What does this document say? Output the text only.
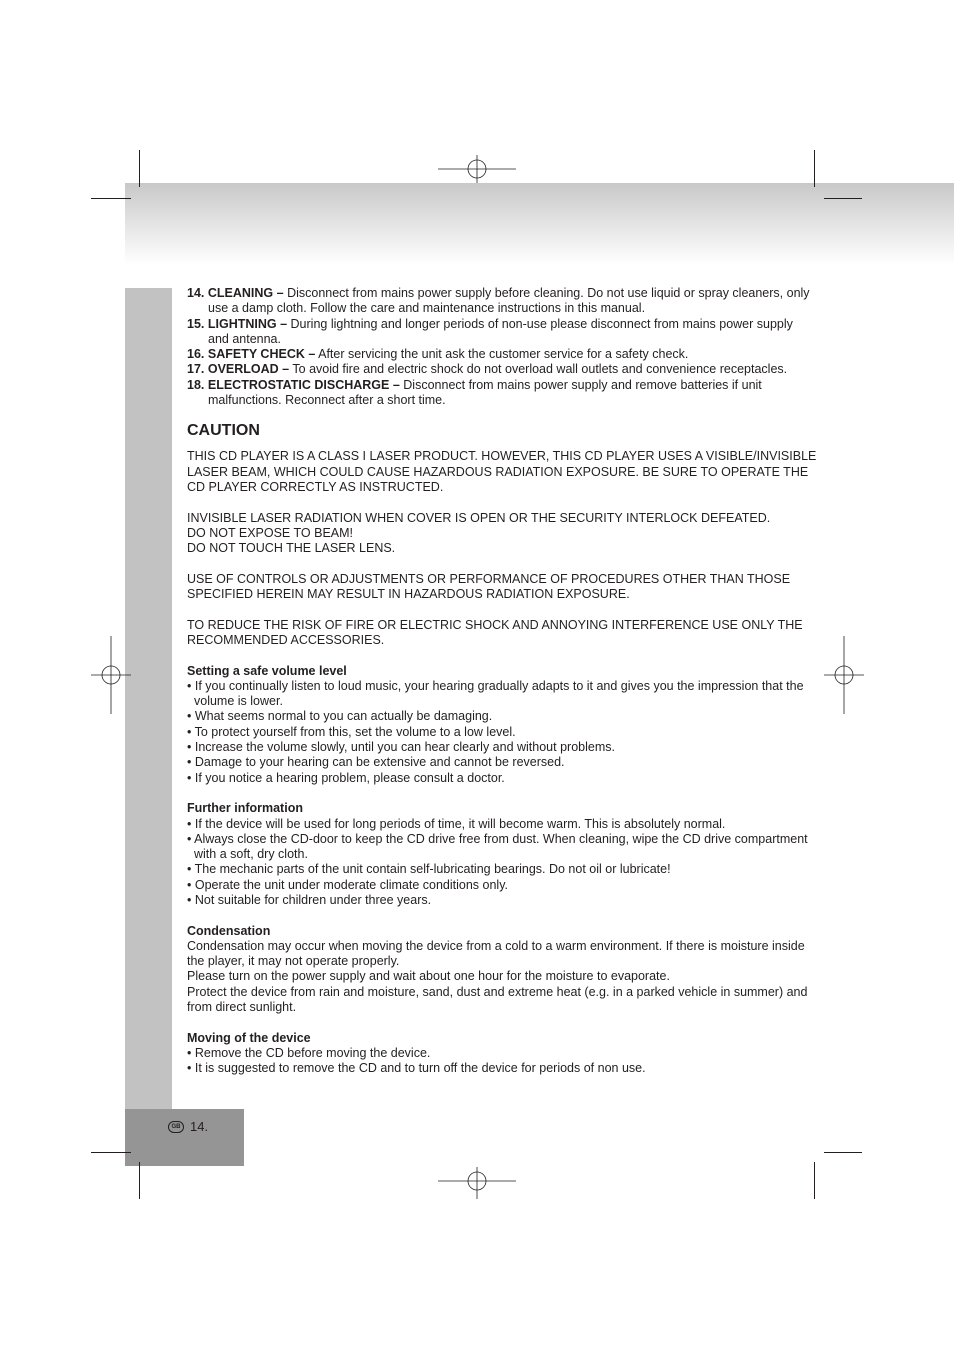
14. CLEANING – Disconnect from mains power supply before cleaning. Do not use liquid or spray cleaners, only use a damp cloth. Follow the care and maintenance instructions in this manual.
15. LIGHTNING – During lightning and longer periods of non-use please disconnect from mains power supply and antenna.
16. SAFETY CHECK – After servicing the unit ask the customer service for a safety check.
17. OVERLOAD – To avoid fire and electric shock do not overload wall outlets and convenience receptacles.
18. ELECTROSTATIC DISCHARGE – Disconnect from mains power supply and remove batteries if unit malfunctions. Reconnect after a short time.
CAUTION

THIS CD PLAYER IS A CLASS I LASER PRODUCT. HOWEVER, THIS CD PLAYER USES A VISIBLE/INVISIBLE LASER BEAM, WHICH COULD CAUSE HAZARDOUS RADIATION EXPOSURE. BE SURE TO OPERATE THE CD PLAYER CORRECTLY AS INSTRUCTED.

INVISIBLE LASER RADIATION WHEN COVER IS OPEN OR THE SECURITY INTERLOCK DEFEATED.

DO NOT EXPOSE TO BEAM!

DO NOT TOUCH THE LASER LENS.

USE OF CONTROLS OR ADJUSTMENTS OR PERFORMANCE OF PROCEDURES OTHER THAN THOSE SPECIFIED HEREIN MAY RESULT IN HAZARDOUS RADIATION EXPOSURE.

TO REDUCE THE RISK OF FIRE OR ELECTRIC SHOCK AND ANNOYING INTERFERENCE USE ONLY THE RECOMMENDED ACCESSORIES.

Setting a safe volume level
• If you continually listen to loud music, your hearing gradually adapts to it and gives you the impression that the volume is lower.
• What seems normal to you can actually be damaging.
• To protect yourself from this, set the volume to a low level.
• Increase the volume slowly, until you can hear clearly and without problems.
• Damage to your hearing can be extensive and cannot be reversed.
• If you notice a hearing problem, please consult a doctor.
Further information
• If the device will be used for long periods of time, it will become warm. This is absolutely normal.
• Always close the CD-door to keep the CD drive free from dust. When cleaning, wipe the CD drive compartment with a soft, dry cloth.
• The mechanic parts of the unit contain self-lubricating bearings. Do not oil or lubricate!
• Operate the unit under moderate climate conditions only.
• Not suitable for children under three years.
Condensation

Condensation may occur when moving the device from a cold to a warm environment. If there is moisture inside the player, it may not operate properly.

Please turn on the power supply and wait about one hour for the moisture to evaporate.

Protect the device from rain and moisture, sand, dust and extreme heat (e.g. in a parked vehicle in summer) and from direct sunlight.

Moving of the device
• Remove the CD before moving the device.
• It is suggested to remove the CD and to turn off the device for periods of non use.
GB 14.
